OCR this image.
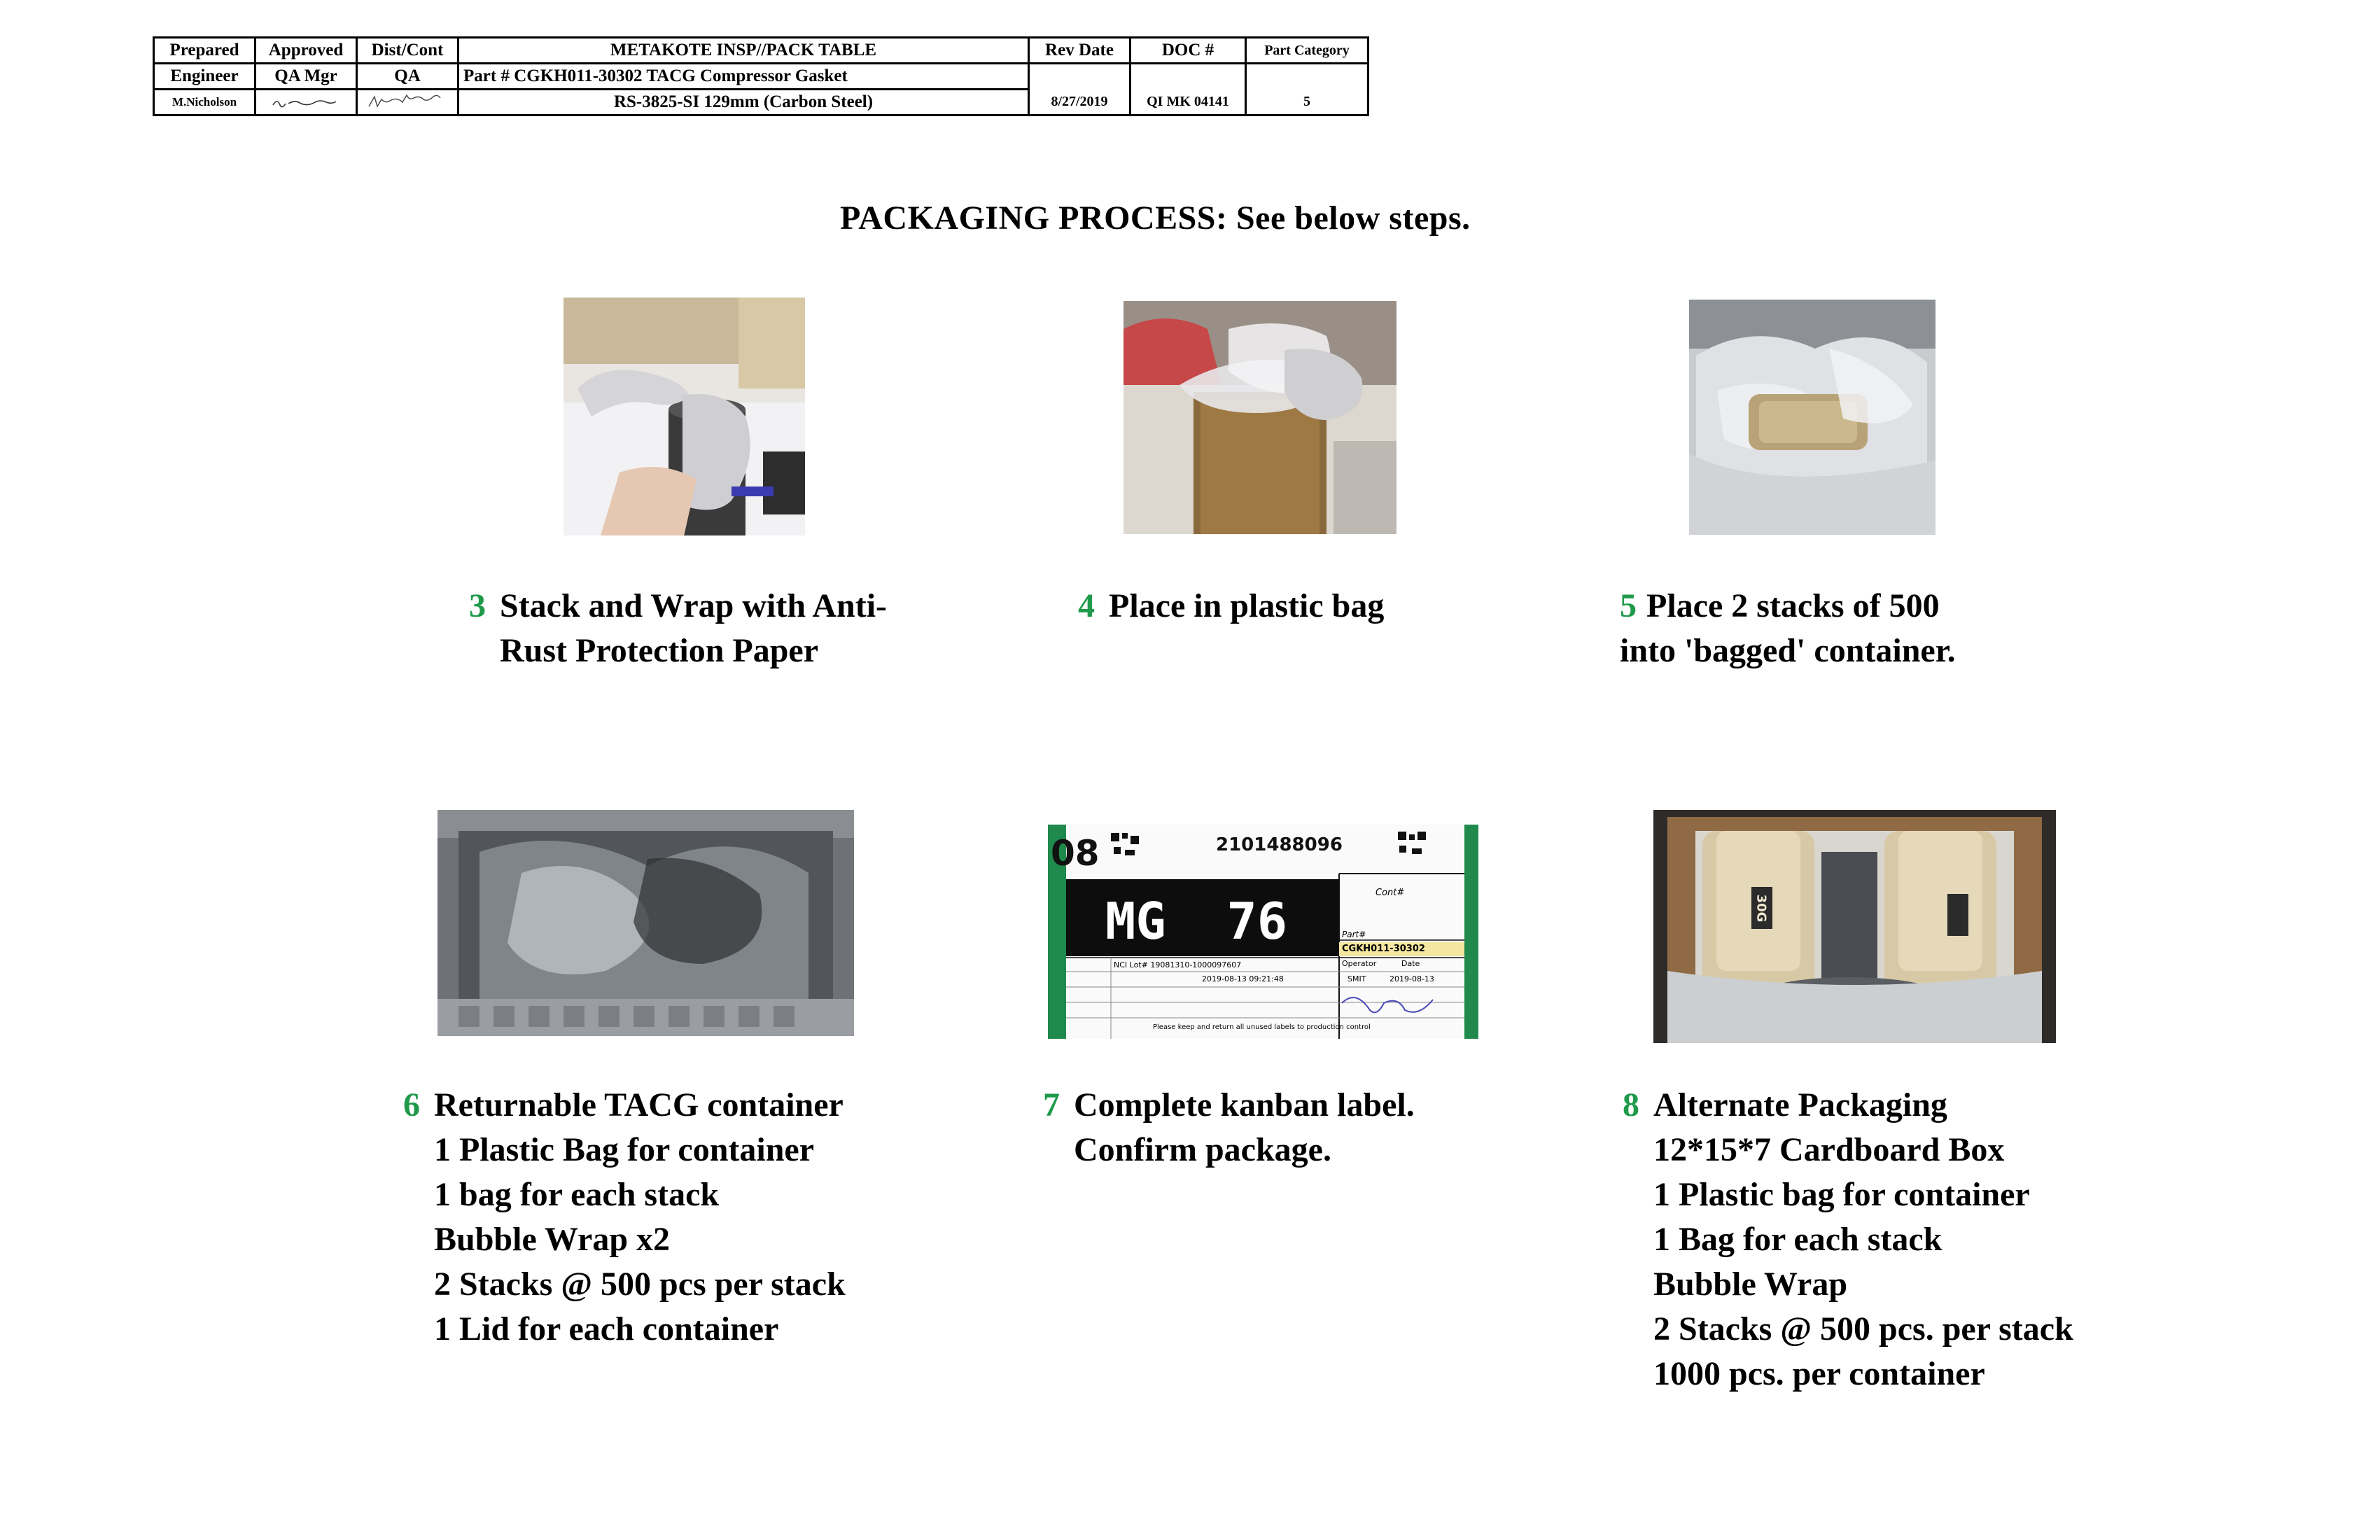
Prepared	Approved	Dist/Cont	METAKOTE INSP//PACK TABLE	Rev Date	DOC #	Part Category
Engineer	QA Mgr	QA	Part # CGKH011-30302 TACG Compressor Gasket			
M.Nicholson			RS-3825-SI 129mm (Carbon Steel)	8/27/2019	QI MK 04141	5
PACKAGING PROCESS: See below steps.
08	2101488096
MG  76	Cont#
Part#
CGKH011-30302
Operator	Date
NCI Lot# 19081310-1000097607
2019-08-13 09:21:48	SMIT	2019-08-13
Please keep and return all unused labels to production control
30G
3 Stack and Wrap with Anti-
Rust Protection Paper
4 Place in plastic bag	5 Place 2 stacks of 500
into 'bagged' container.
6 Returnable TACG container
1 Plastic Bag for container
1 bag for each stack
Bubble Wrap x2
2 Stacks @ 500 pcs per stack
1 Lid for each container
7 Complete kanban label.
Confirm package.
8 Alternate Packaging
12*15*7 Cardboard Box
1 Plastic bag for container
1 Bag for each stack
Bubble Wrap
2 Stacks @ 500 pcs. per stack
1000 pcs. per container
